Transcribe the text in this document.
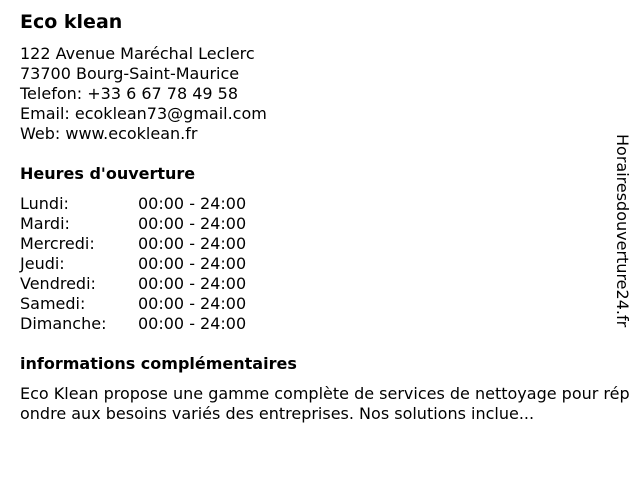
Eco klean
122 Avenue Maréchal Leclerc
73700 Bourg-Saint-Maurice
Telefon: +33 6 67 78 49 58
Email: ecoklean73@gmail.com
Web: www.ecoklean.fr
Heures d'ouverture
Lundi:	00:00 - 24:00
Mardi:	00:00 - 24:00
Mercredi:	00:00 - 24:00
Jeudi:	00:00 - 24:00
Vendredi:	00:00 - 24:00
Samedi:	00:00 - 24:00
Dimanche:	00:00 - 24:00
informations complémentaires
Eco Klean propose une gamme complète de services de nettoyage pour répondre aux besoins variés des entreprises. Nos solutions inclue...
Horairesdouverture24.fr
